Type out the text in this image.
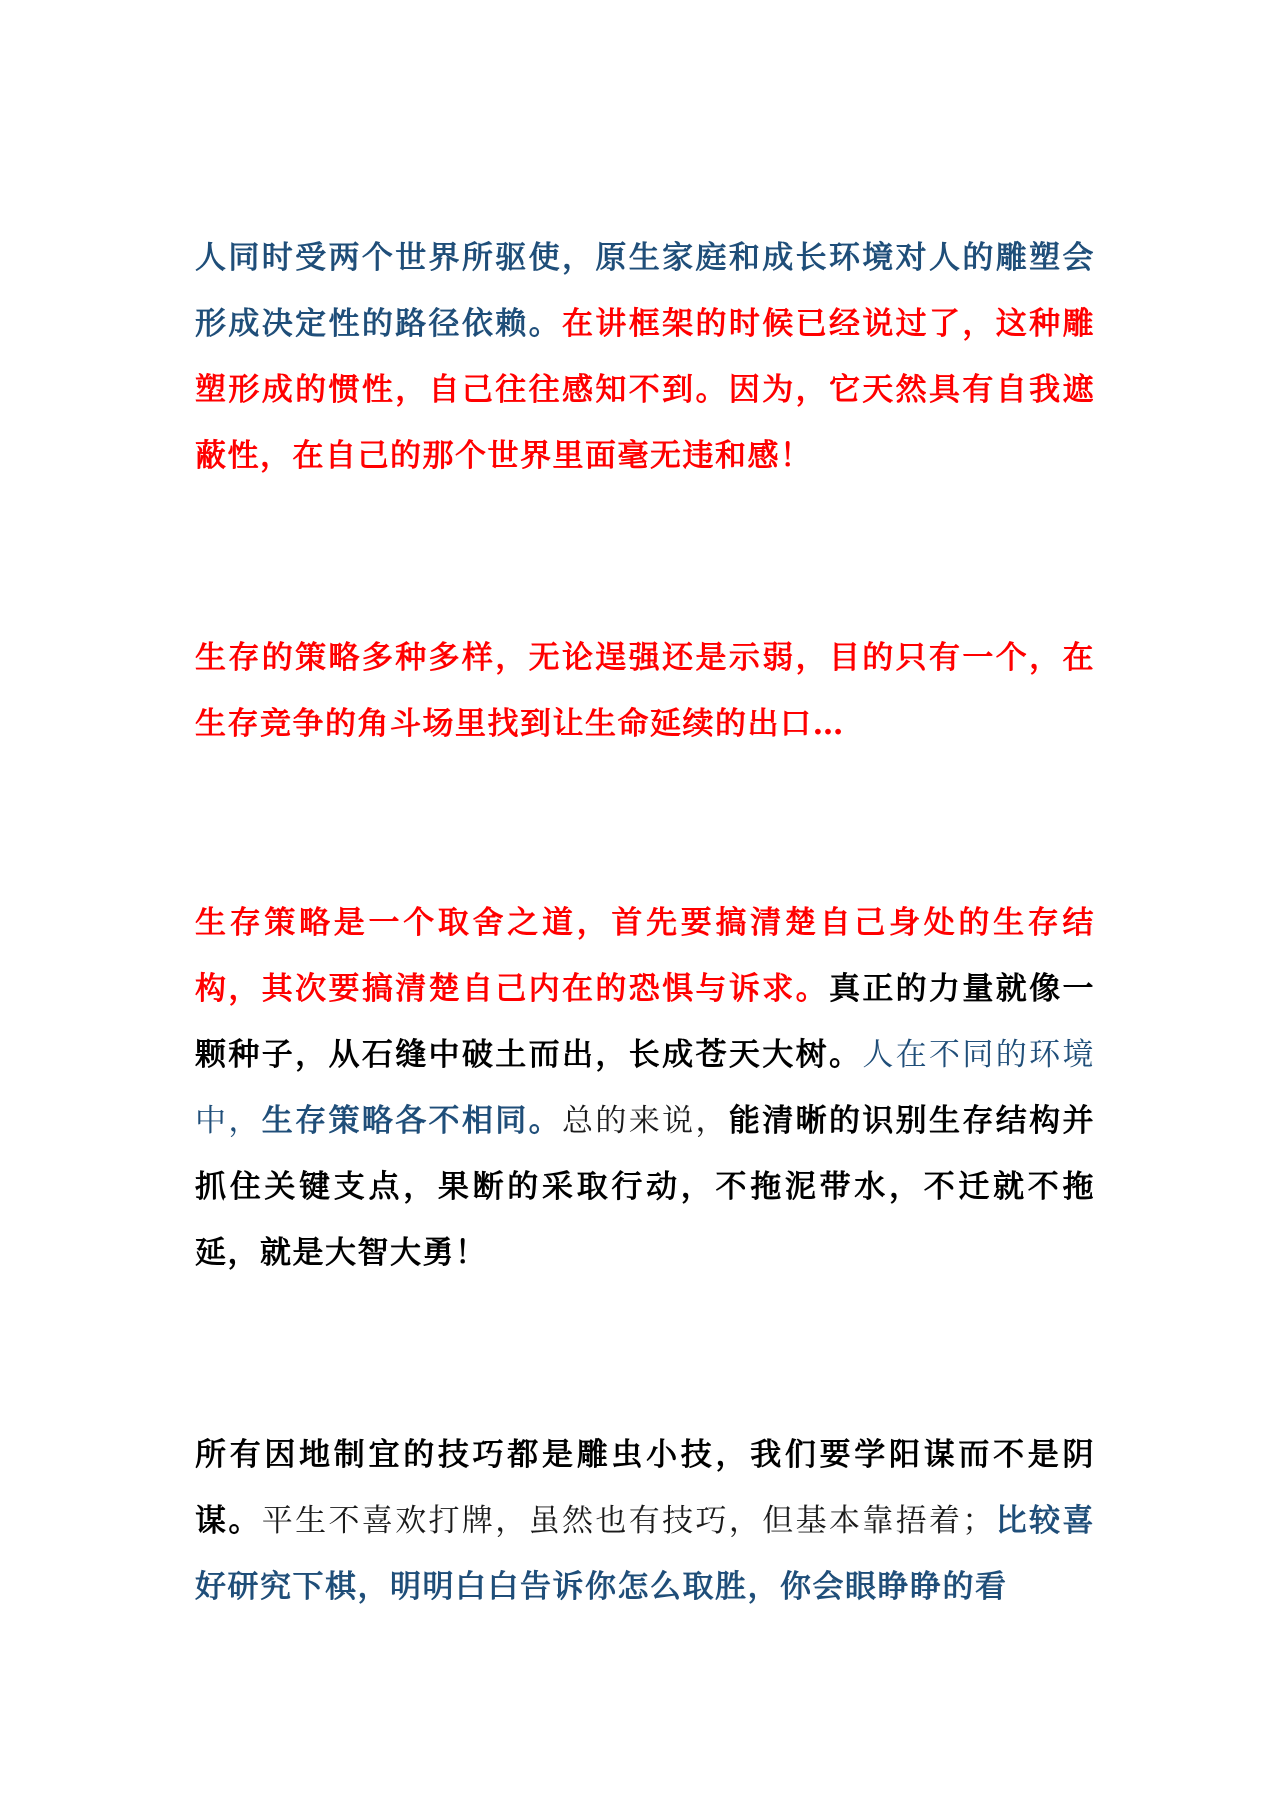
人同时受两个世界所驱使，原生家庭和成长环境对人的雕塑会形成决定性的路径依赖。在讲框架的时候已经说过了，这种雕塑形成的惯性，自己往往感知不到。因为，它天然具有自我遮蔽性，在自己的那个世界里面毫无违和感！

生存的策略多种多样，无论逞强还是示弱，目的只有一个，在生存竞争的角斗场里找到让生命延续的出口…

生存策略是一个取舍之道，首先要搞清楚自己身处的生存结构，其次要搞清楚自己内在的恐惧与诉求。真正的力量就像一颗种子，从石缝中破土而出，长成苍天大树。人在不同的环境中，生存策略各不相同。总的来说，能清晰的识别生存结构并抓住关键支点，果断的采取行动，不拖泥带水，不迁就不拖延，就是大智大勇！

所有因地制宜的技巧都是雕虫小技，我们要学阳谋而不是阴谋。平生不喜欢打牌，虽然也有技巧，但基本靠捂着；比较喜好研究下棋，明明白白告诉你怎么取胜，你会眼睁睁的看
